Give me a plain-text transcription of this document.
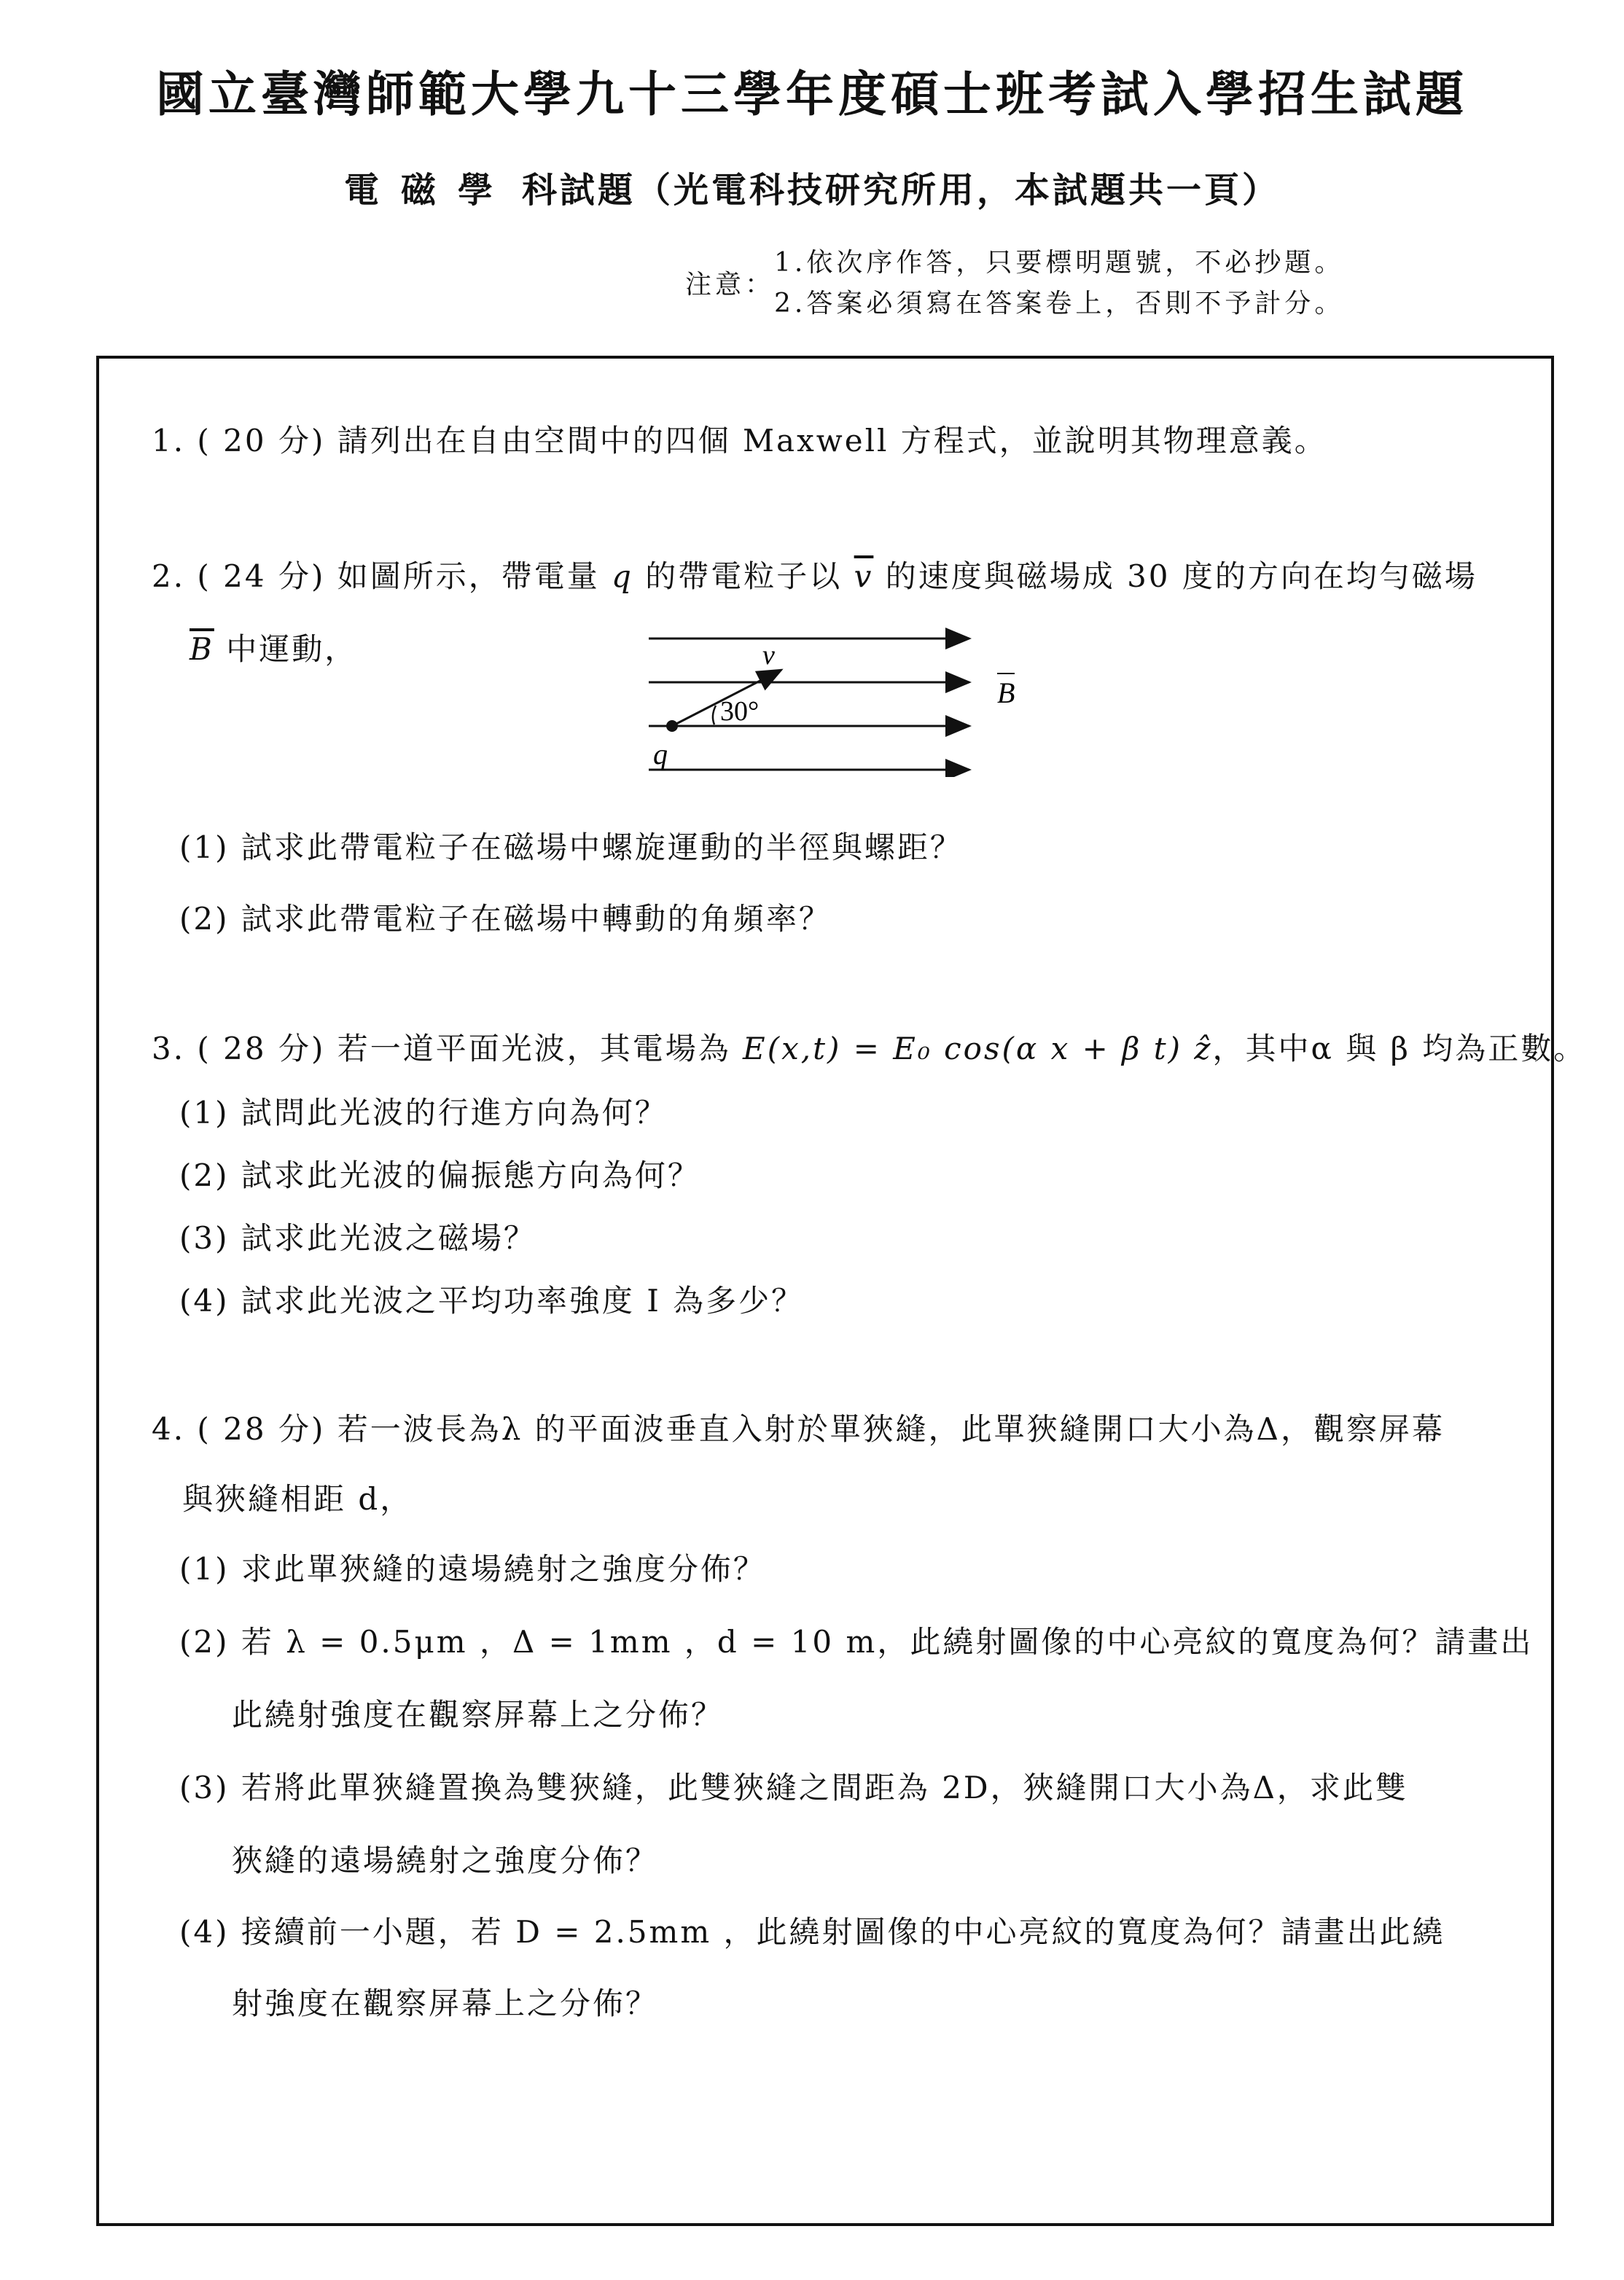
國立臺灣師範大學九十三學年度碩士班考試入學招生試題
電磁學 科試題（光電科技研究所用，本試題共一頁）
注意：
1.依次序作答，只要標明題號，不必抄題。
2.答案必須寫在答案卷上，否則不予計分。
1. ( 20 分) 請列出在自由空間中的四個 Maxwell 方程式，並說明其物理意義。
2. ( 24 分) 如圖所示，帶電量 q 的帶電粒子以 $\overline{v}$ 的速度與磁場成 30 度的方向在均勻磁場
$\overline{B}$ 中運動，	v
30°
q
B
(1) 試求此帶電粒子在磁場中螺旋運動的半徑與螺距？
(2) 試求此帶電粒子在磁場中轉動的角頻率？
3. ( 28 分) 若一道平面光波，其電場為 E(x,t) = E₀ cos(α x + β t) ẑ，其中α 與 β 均為正數。
(1) 試問此光波的行進方向為何？
(2) 試求此光波的偏振態方向為何？
(3) 試求此光波之磁場？
(4) 試求此光波之平均功率強度 I 為多少？
4. ( 28 分) 若一波長為λ 的平面波垂直入射於單狹縫，此單狹縫開口大小為Δ，觀察屏幕
與狹縫相距 d，
(1) 求此單狹縫的遠場繞射之強度分佈？
(2) 若 λ = 0.5μm ，Δ = 1mm ，d = 10 m，此繞射圖像的中心亮紋的寬度為何？請畫出
此繞射強度在觀察屏幕上之分佈？
(3) 若將此單狹縫置換為雙狹縫，此雙狹縫之間距為 2D，狹縫開口大小為Δ，求此雙
狹縫的遠場繞射之強度分佈？
(4) 接續前一小題，若 D = 2.5mm ，此繞射圖像的中心亮紋的寬度為何？請畫出此繞
射強度在觀察屏幕上之分佈？
